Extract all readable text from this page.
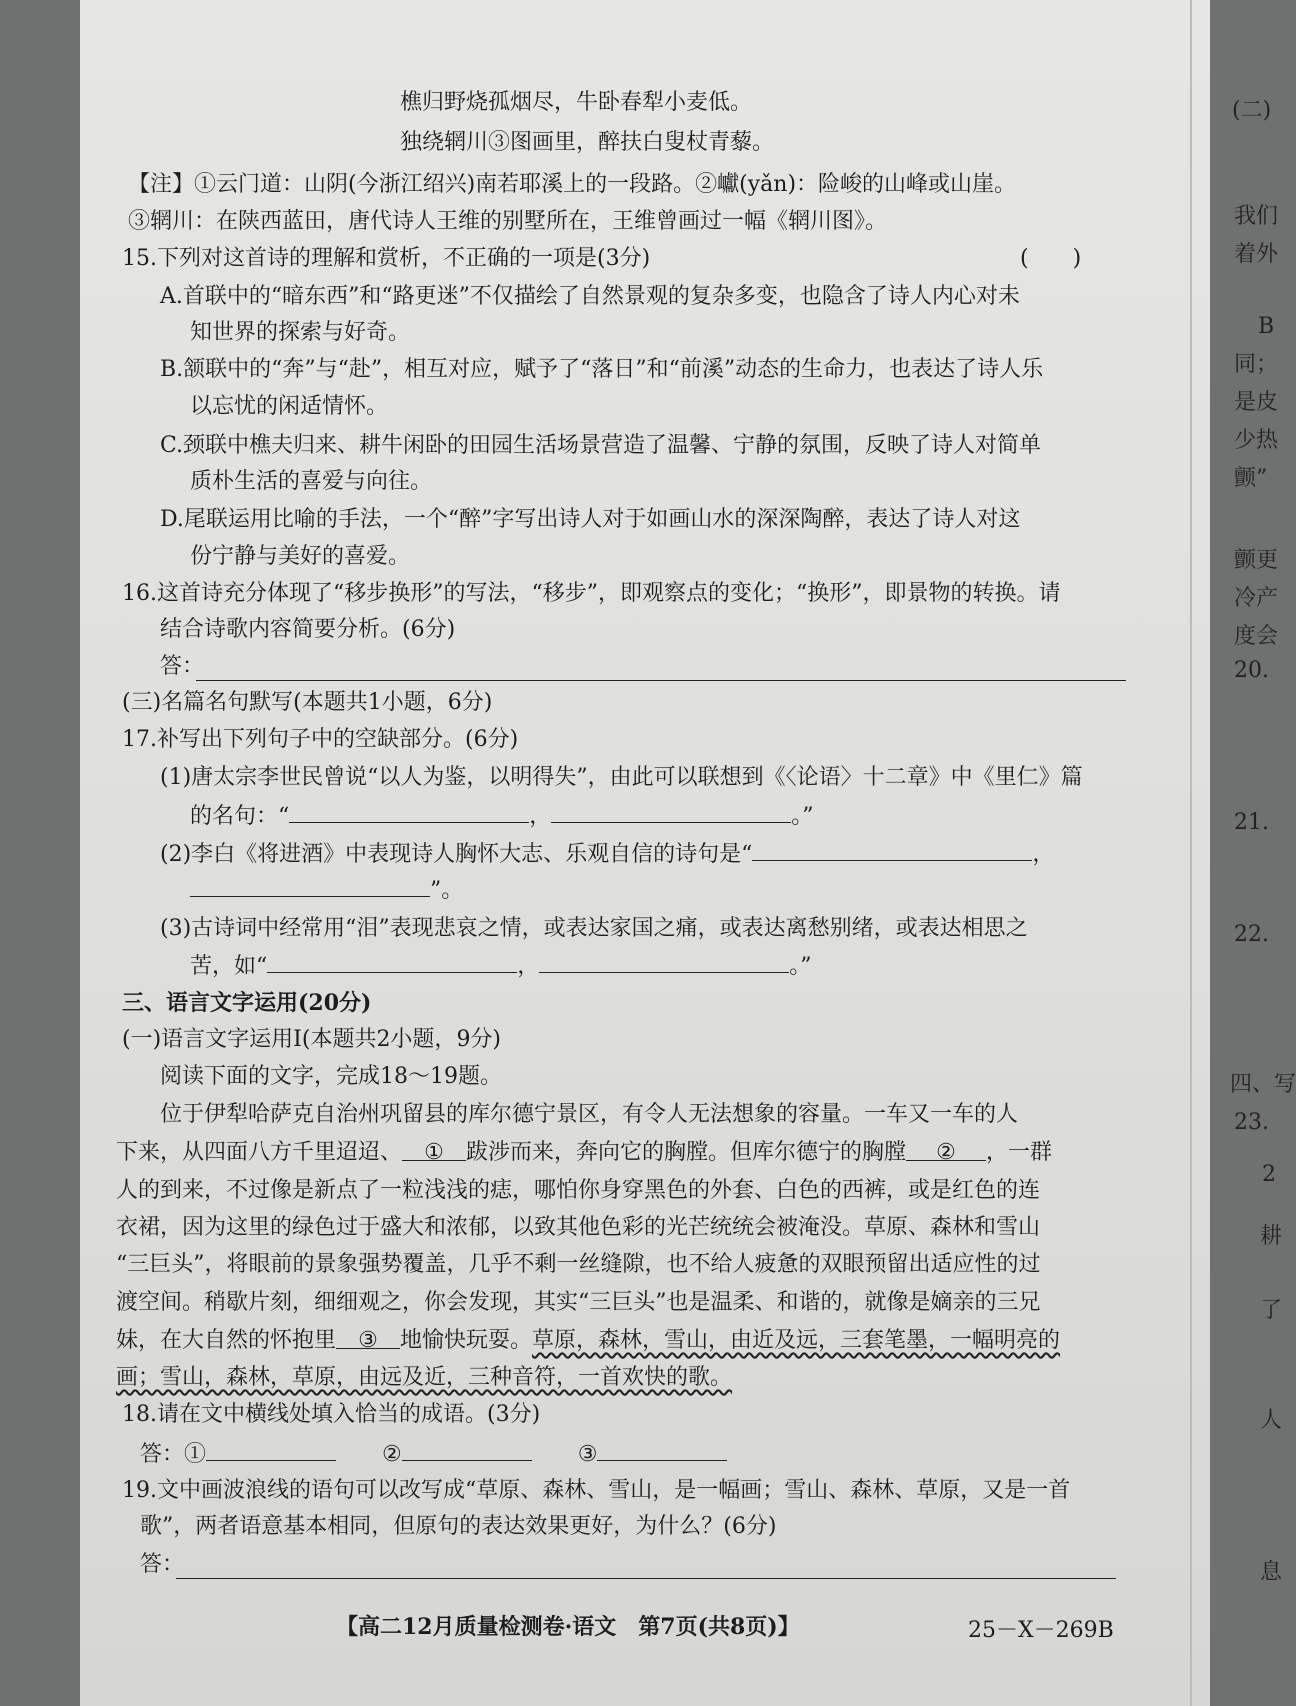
樵归野烧孤烟尽，牛卧春犁小麦低。
独绕辋川③图画里，醉扶白叟杖青藜。
【注】①云门道：山阴(今浙江绍兴)南若耶溪上的一段路。②巘(yǎn)：险峻的山峰或山崖。
③辋川：在陕西蓝田，唐代诗人王维的别墅所在，王维曾画过一幅《辋川图》。
15.下列对这首诗的理解和赏析，不正确的一项是(3分)	(　　)
A.首联中的“暗东西”和“路更迷”不仅描绘了自然景观的复杂多变，也隐含了诗人内心对未
知世界的探索与好奇。
B.颔联中的“奔”与“赴”，相互对应，赋予了“落日”和“前溪”动态的生命力，也表达了诗人乐
以忘忧的闲适情怀。
C.颈联中樵夫归来、耕牛闲卧的田园生活场景营造了温馨、宁静的氛围，反映了诗人对简单
质朴生活的喜爱与向往。
D.尾联运用比喻的手法，一个“醉”字写出诗人对于如画山水的深深陶醉，表达了诗人对这
份宁静与美好的喜爱。
16.这首诗充分体现了“移步换形”的写法，“移步”，即观察点的变化；“换形”，即景物的转换。请
结合诗歌内容简要分析。(6分)
答：
(三)名篇名句默写(本题共1小题，6分)
17.补写出下列句子中的空缺部分。(6分)
(1)唐太宗李世民曾说“以人为鉴，以明得失”，由此可以联想到《〈论语〉十二章》中《里仁》篇
的名句：“	，	。”
(2)李白《将进酒》中表现诗人胸怀大志、乐观自信的诗句是“	，
”。
(3)古诗词中经常用“泪”表现悲哀之情，或表达家国之痛，或表达离愁别绪，或表达相思之
苦，如“	，	。”
三、语言文字运用(20分)
(一)语言文字运用Ⅰ(本题共2小题，9分)
阅读下面的文字，完成18～19题。
位于伊犁哈萨克自治州巩留县的库尔德宁景区，有令人无法想象的容量。一车又一车的人
下来，从四面八方千里迢迢、 ① 跋涉而来，奔向它的胸膛。但库尔德宁的胸膛 ② ，一群
人的到来，不过像是新点了一粒浅浅的痣，哪怕你身穿黑色的外套、白色的西裤，或是红色的连
衣裙，因为这里的绿色过于盛大和浓郁，以致其他色彩的光芒统统会被淹没。草原、森林和雪山
“三巨头”，将眼前的景象强势覆盖，几乎不剩一丝缝隙，也不给人疲惫的双眼预留出适应性的过
渡空间。稍歇片刻，细细观之，你会发现，其实“三巨头”也是温柔、和谐的，就像是嫡亲的三兄
妹，在大自然的怀抱里 ③ 地愉快玩耍。草原，森林，雪山，由近及远，三套笔墨，一幅明亮的
画；雪山，森林，草原，由远及近，三种音符，一首欢快的歌。
18.请在文中横线处填入恰当的成语。(3分)
答：①	②	③
19.文中画波浪线的语句可以改写成“草原、森林、雪山，是一幅画；雪山、森林、草原，又是一首
歌”，两者语意基本相同，但原句的表达效果更好，为什么？(6分)
答：
【高二12月质量检测卷·语文　第7页(共8页)】	25－X－269B
(二)
我们
着外
B
同；
是皮
少热
颤”
颤更
冷产
度会
20.
21.
22.
四、写
23.
2
耕
了
人
息
